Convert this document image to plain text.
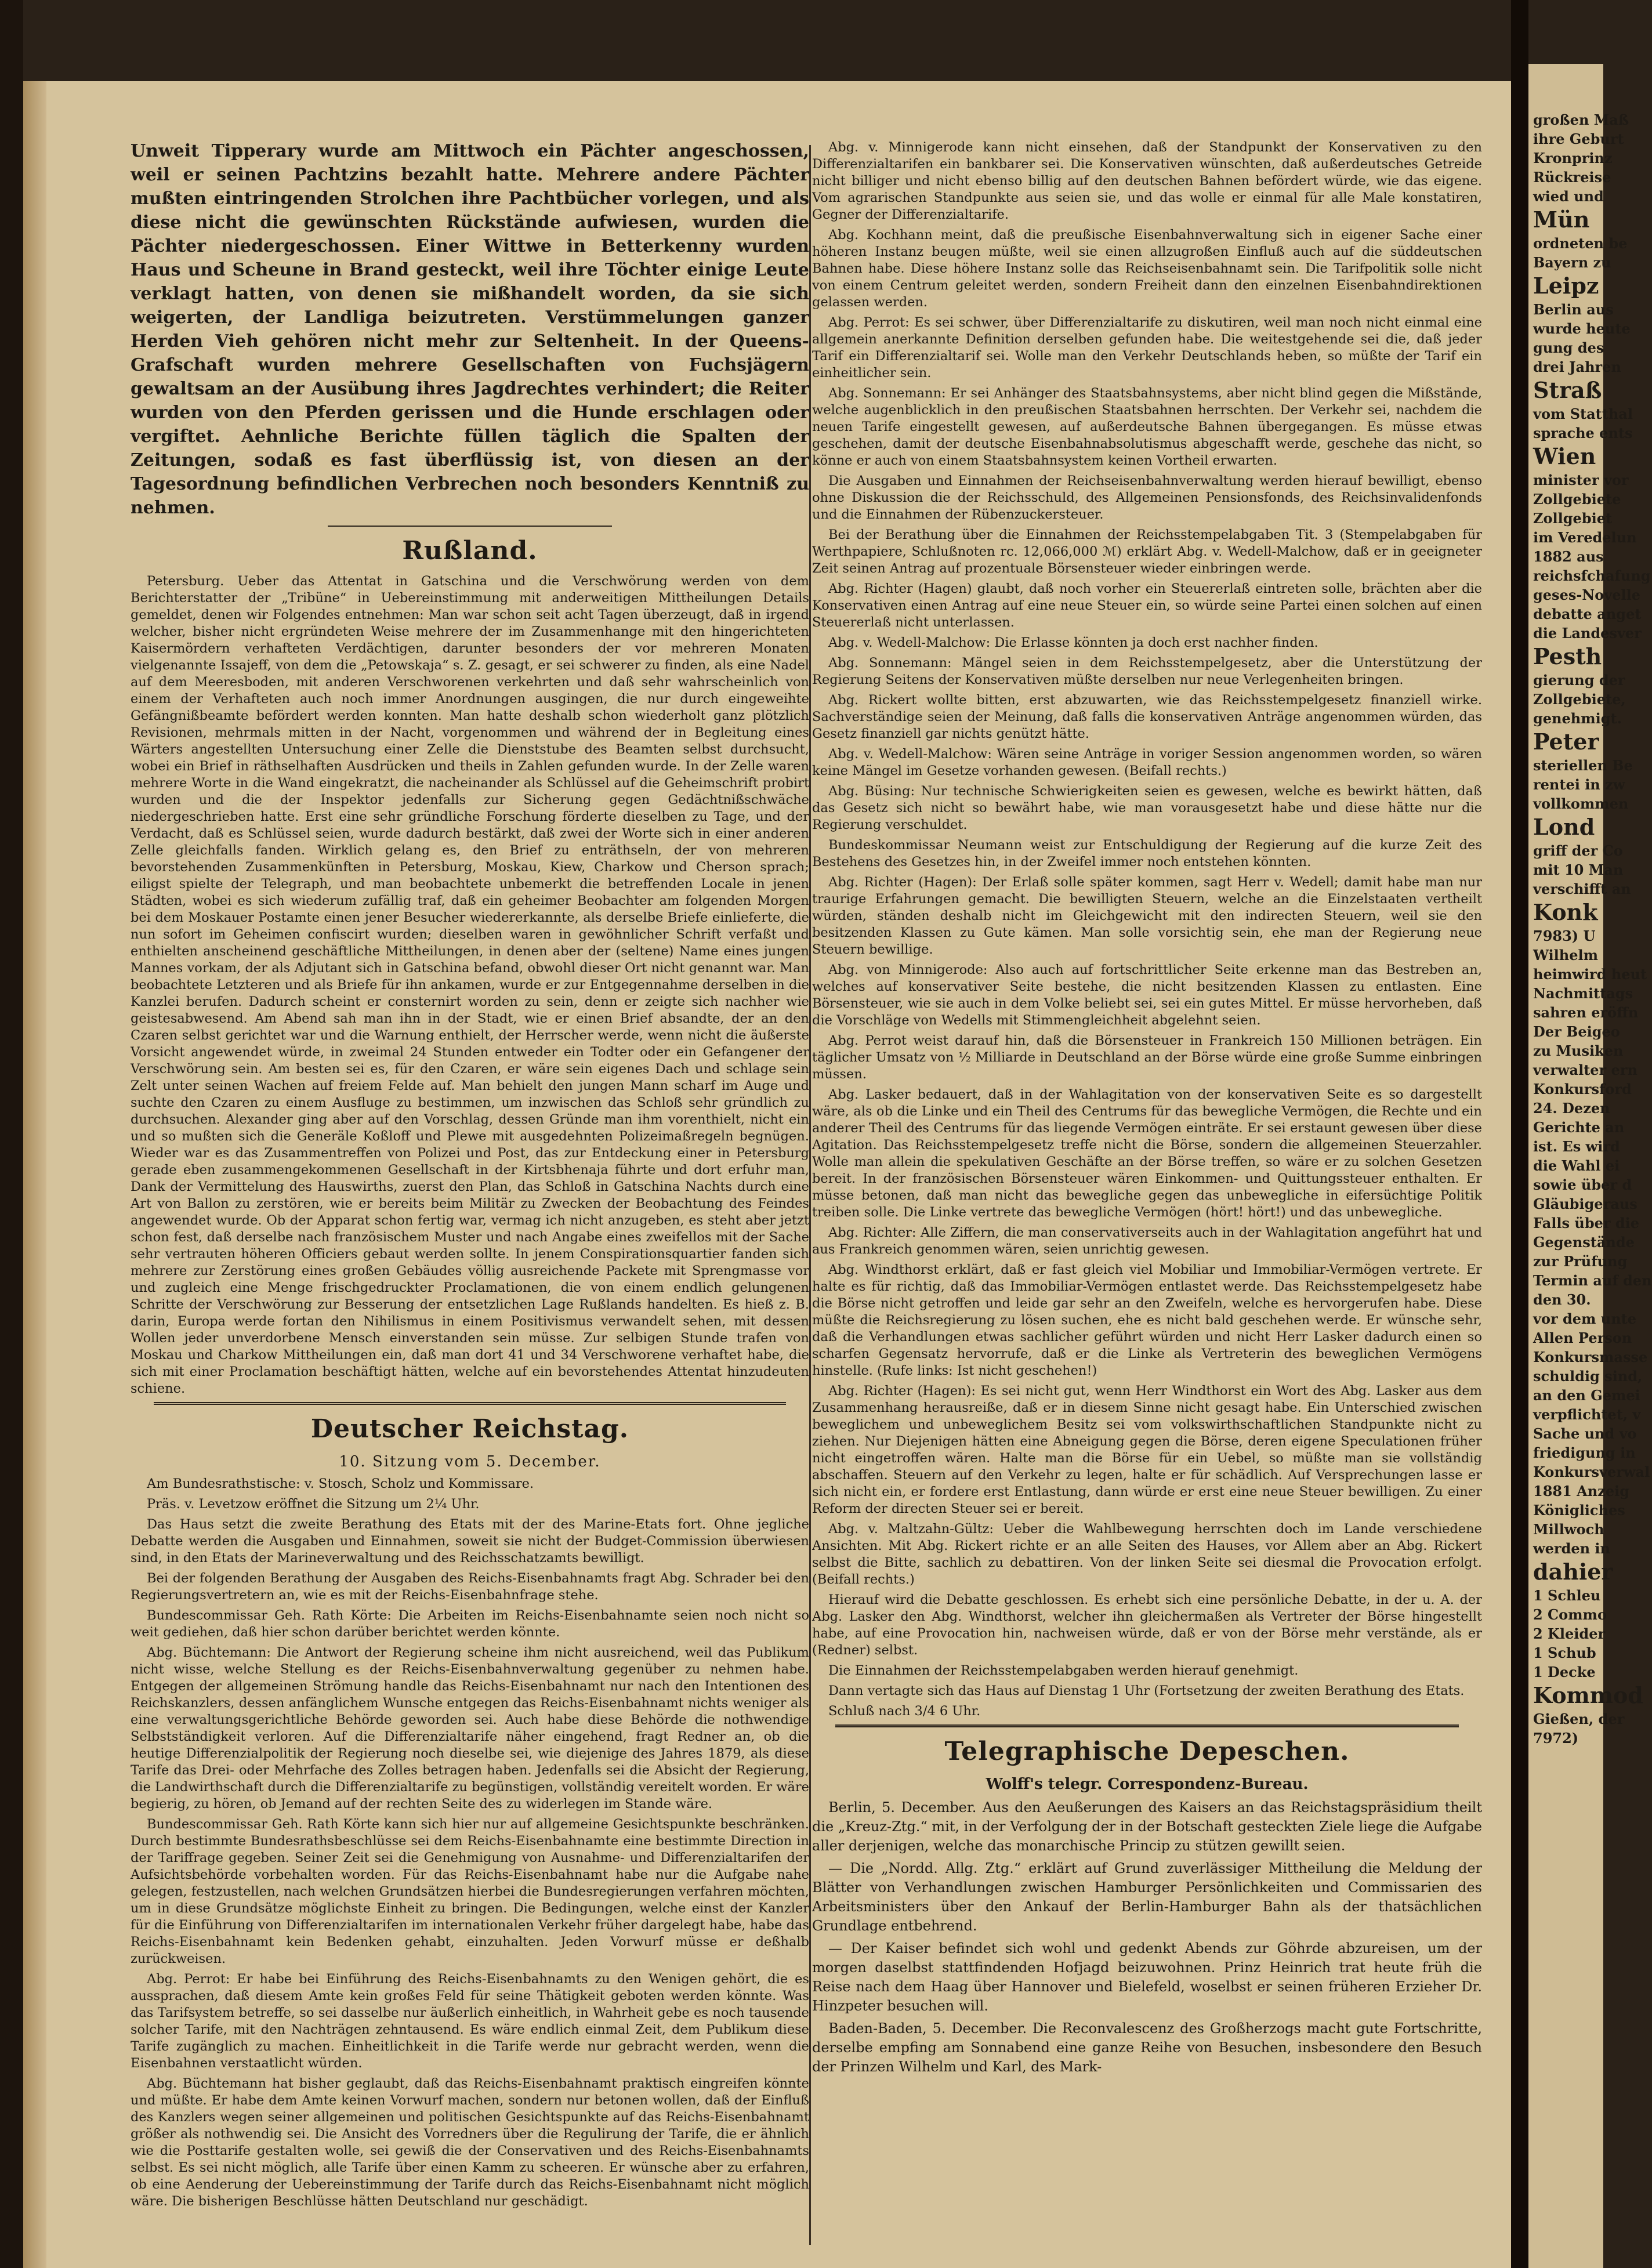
Unweit Tipperary wurde am Mittwoch ein Pächter angeschossen, weil er seinen Pachtzins bezahlt hatte. Mehrere andere Pächter mußten eintringenden Strolchen ihre Pachtbücher vorlegen, und als diese nicht die gewünschten Rückstände aufwiesen, wurden die Pächter niedergeschossen. Einer Wittwe in Betterkenny wurden Haus und Scheune in Brand gesteckt, weil ihre Töchter einige Leute verklagt hatten, von denen sie mißhandelt worden, da sie sich weigerten, der Landliga beizutreten. Verstümmelungen ganzer Herden Vieh gehören nicht mehr zur Seltenheit. In der Queens-Grafschaft wurden mehrere Gesellschaften von Fuchsjägern gewaltsam an der Ausübung ihres Jagdrechtes verhindert; die Reiter wurden von den Pferden gerissen und die Hunde erschlagen oder vergiftet. Aehnliche Berichte füllen täglich die Spalten der Zeitungen, sodaß es fast überflüssig ist, von diesen an der Tagesordnung befindlichen Verbrechen noch besonders Kenntniß zu nehmen.

Rußland.

Petersburg. Ueber das Attentat in Gatschina und die Verschwörung werden von dem Berichterstatter der „Tribüne“ in Uebereinstimmung mit anderweitigen Mittheilungen Details gemeldet, denen wir Folgendes entnehmen: Man war schon seit acht Tagen überzeugt, daß in irgend welcher, bisher nicht ergründeten Weise mehrere der im Zusammenhange mit den hingerichteten Kaisermördern verhafteten Verdächtigen, darunter besonders der vor mehreren Monaten vielgenannte Issajeff, von dem die „Petowskaja“ s. Z. gesagt, er sei schwerer zu finden, als eine Nadel auf dem Meeresboden, mit anderen Verschworenen verkehrten und daß sehr wahrscheinlich von einem der Verhafteten auch noch immer Anordnungen ausgingen, die nur durch eingeweihte Gefängnißbeamte befördert werden konnten. Man hatte deshalb schon wiederholt ganz plötzlich Revisionen, mehrmals mitten in der Nacht, vorgenommen und während der in Begleitung eines Wärters angestellten Untersuchung einer Zelle die Dienststube des Beamten selbst durchsucht, wobei ein Brief in räthselhaften Ausdrücken und theils in Zahlen gefunden wurde. In der Zelle waren mehrere Worte in die Wand eingekratzt, die nacheinander als Schlüssel auf die Geheimschrift probirt wurden und die der Inspektor jedenfalls zur Sicherung gegen Gedächtnißschwäche niedergeschrieben hatte. Erst eine sehr gründliche Forschung förderte dieselben zu Tage, und der Verdacht, daß es Schlüssel seien, wurde dadurch bestärkt, daß zwei der Worte sich in einer anderen Zelle gleichfalls fanden. Wirklich gelang es, den Brief zu enträthseln, der von mehreren bevorstehenden Zusammenkünften in Petersburg, Moskau, Kiew, Charkow und Cherson sprach; eiligst spielte der Telegraph, und man beobachtete unbemerkt die betreffenden Locale in jenen Städten, wobei es sich wiederum zufällig traf, daß ein geheimer Beobachter am folgenden Morgen bei dem Moskauer Postamte einen jener Besucher wiedererkannte, als derselbe Briefe einlieferte, die nun sofort im Geheimen confiscirt wurden; dieselben waren in gewöhnlicher Schrift verfaßt und enthielten anscheinend geschäftliche Mittheilungen, in denen aber der (seltene) Name eines jungen Mannes vorkam, der als Adjutant sich in Gatschina befand, obwohl dieser Ort nicht genannt war. Man beobachtete Letzteren und als Briefe für ihn ankamen, wurde er zur Entgegennahme derselben in die Kanzlei berufen. Dadurch scheint er consternirt worden zu sein, denn er zeigte sich nachher wie geistesabwesend. Am Abend sah man ihn in der Stadt, wie er einen Brief absandte, der an den Czaren selbst gerichtet war und die Warnung enthielt, der Herrscher werde, wenn nicht die äußerste Vorsicht angewendet würde, in zweimal 24 Stunden entweder ein Todter oder ein Gefangener der Verschwörung sein. Am besten sei es, für den Czaren, er wäre sein eigenes Dach und schlage sein Zelt unter seinen Wachen auf freiem Felde auf. Man behielt den jungen Mann scharf im Auge und suchte den Czaren zu einem Ausfluge zu bestimmen, um inzwischen das Schloß sehr gründlich zu durchsuchen. Alexander ging aber auf den Vorschlag, dessen Gründe man ihm vorenthielt, nicht ein und so mußten sich die Generäle Koßloff und Plewe mit ausgedehnten Polizeimaßregeln begnügen. Wieder war es das Zusammentreffen von Polizei und Post, das zur Entdeckung einer in Petersburg gerade eben zusammengekommenen Gesellschaft in der Kirtsbhenaja führte und dort erfuhr man, Dank der Vermittelung des Hauswirths, zuerst den Plan, das Schloß in Gatschina Nachts durch eine Art von Ballon zu zerstören, wie er bereits beim Militär zu Zwecken der Beobachtung des Feindes angewendet wurde. Ob der Apparat schon fertig war, vermag ich nicht anzugeben, es steht aber jetzt schon fest, daß derselbe nach französischem Muster und nach Angabe eines zweifellos mit der Sache sehr vertrauten höheren Officiers gebaut werden sollte. In jenem Conspirationsquartier fanden sich mehrere zur Zerstörung eines großen Gebäudes völlig ausreichende Packete mit Sprengmasse vor und zugleich eine Menge frischgedruckter Proclamationen, die von einem endlich gelungenen Schritte der Verschwörung zur Besserung der entsetzlichen Lage Rußlands handelten. Es hieß z. B. darin, Europa werde fortan den Nihilismus in einem Positivismus verwandelt sehen, mit dessen Wollen jeder unverdorbene Mensch einverstanden sein müsse. Zur selbigen Stunde trafen von Moskau und Charkow Mittheilungen ein, daß man dort 41 und 34 Verschworene verhaftet habe, die sich mit einer Proclamation beschäftigt hätten, welche auf ein bevorstehendes Attentat hinzudeuten schiene.

Deutscher Reichstag.
10. Sitzung vom 5. December.

Am Bundesrathstische: v. Stosch, Scholz und Kommissare.

Präs. v. Levetzow eröffnet die Sitzung um 2¼ Uhr.

Das Haus setzt die zweite Berathung des Etats mit der des Marine-Etats fort. Ohne jegliche Debatte werden die Ausgaben und Einnahmen, soweit sie nicht der Budget-Commission überwiesen sind, in den Etats der Marineverwaltung und des Reichsschatzamts bewilligt.

Bei der folgenden Berathung der Ausgaben des Reichs-Eisenbahnamts fragt Abg. Schrader bei den Regierungsvertretern an, wie es mit der Reichs-Eisenbahnfrage stehe.

Bundescommissar Geh. Rath Körte: Die Arbeiten im Reichs-Eisenbahnamte seien noch nicht so weit gediehen, daß hier schon darüber berichtet werden könnte.

Abg. Büchtemann: Die Antwort der Regierung scheine ihm nicht ausreichend, weil das Publikum nicht wisse, welche Stellung es der Reichs-Eisenbahnverwaltung gegenüber zu nehmen habe. Entgegen der allgemeinen Strömung handle das Reichs-Eisenbahnamt nur nach den Intentionen des Reichskanzlers, dessen anfänglichem Wunsche entgegen das Reichs-Eisenbahnamt nichts weniger als eine verwaltungsgerichtliche Behörde geworden sei. Auch habe diese Behörde die nothwendige Selbstständigkeit verloren. Auf die Differenzialtarife näher eingehend, fragt Redner an, ob die heutige Differenzialpolitik der Regierung noch dieselbe sei, wie diejenige des Jahres 1879, als diese Tarife das Drei- oder Mehrfache des Zolles betragen haben. Jedenfalls sei die Absicht der Regierung, die Landwirthschaft durch die Differenzialtarife zu begünstigen, vollständig vereitelt worden. Er wäre begierig, zu hören, ob Jemand auf der rechten Seite des zu widerlegen im Stande wäre.

Bundescommissar Geh. Rath Körte kann sich hier nur auf allgemeine Gesichtspunkte beschränken. Durch bestimmte Bundesrathsbeschlüsse sei dem Reichs-Eisenbahnamte eine bestimmte Direction in der Tariffrage gegeben. Seiner Zeit sei die Genehmigung von Ausnahme- und Differenzialtarifen der Aufsichtsbehörde vorbehalten worden. Für das Reichs-Eisenbahnamt habe nur die Aufgabe nahe gelegen, festzustellen, nach welchen Grundsätzen hierbei die Bundesregierungen verfahren möchten, um in diese Grundsätze möglichste Einheit zu bringen. Die Bedingungen, welche einst der Kanzler für die Einführung von Differenzialtarifen im internationalen Verkehr früher dargelegt habe, habe das Reichs-Eisenbahnamt kein Bedenken gehabt, einzuhalten. Jeden Vorwurf müsse er deßhalb zurückweisen.

Abg. Perrot: Er habe bei Einführung des Reichs-Eisenbahnamts zu den Wenigen gehört, die es aussprachen, daß diesem Amte kein großes Feld für seine Thätigkeit geboten werden könnte. Was das Tarifsystem betreffe, so sei dasselbe nur äußerlich einheitlich, in Wahrheit gebe es noch tausende solcher Tarife, mit den Nachträgen zehntausend. Es wäre endlich einmal Zeit, dem Publikum diese Tarife zugänglich zu machen. Einheitlichkeit in die Tarife werde nur gebracht werden, wenn die Eisenbahnen verstaatlicht würden.

Abg. Büchtemann hat bisher geglaubt, daß das Reichs-Eisenbahnamt praktisch eingreifen könnte und müßte. Er habe dem Amte keinen Vorwurf machen, sondern nur betonen wollen, daß der Einfluß des Kanzlers wegen seiner allgemeinen und politischen Gesichtspunkte auf das Reichs-Eisenbahnamt größer als nothwendig sei. Die Ansicht des Vorredners über die Regulirung der Tarife, die er ähnlich wie die Posttarife gestalten wolle, sei gewiß die der Conservativen und des Reichs-Eisenbahnamts selbst. Es sei nicht möglich, alle Tarife über einen Kamm zu scheeren. Er wünsche aber zu erfahren, ob eine Aenderung der Uebereinstimmung der Tarife durch das Reichs-Eisenbahnamt nicht möglich wäre. Die bisherigen Beschlüsse hätten Deutschland nur geschädigt.

Abg. v. Minnigerode kann nicht einsehen, daß der Standpunkt der Konservativen zu den Differenzialtarifen ein bankbarer sei. Die Konservativen wünschten, daß außerdeutsches Getreide nicht billiger und nicht ebenso billig auf den deutschen Bahnen befördert würde, wie das eigene. Vom agrarischen Standpunkte aus seien sie, und das wolle er einmal für alle Male konstatiren, Gegner der Differenzialtarife.

Abg. Kochhann meint, daß die preußische Eisenbahnverwaltung sich in eigener Sache einer höheren Instanz beugen müßte, weil sie einen allzugroßen Einfluß auch auf die süddeutschen Bahnen habe. Diese höhere Instanz solle das Reichseisenbahnamt sein. Die Tarifpolitik solle nicht von einem Centrum geleitet werden, sondern Freiheit dann den einzelnen Eisenbahndirektionen gelassen werden.

Abg. Perrot: Es sei schwer, über Differenzialtarife zu diskutiren, weil man noch nicht einmal eine allgemein anerkannte Definition derselben gefunden habe. Die weitestgehende sei die, daß jeder Tarif ein Differenzialtarif sei. Wolle man den Verkehr Deutschlands heben, so müßte der Tarif ein einheitlicher sein.

Abg. Sonnemann: Er sei Anhänger des Staatsbahnsystems, aber nicht blind gegen die Mißstände, welche augenblicklich in den preußischen Staatsbahnen herrschten. Der Verkehr sei, nachdem die neuen Tarife eingestellt gewesen, auf außerdeutsche Bahnen übergegangen. Es müsse etwas geschehen, damit der deutsche Eisenbahnabsolutismus abgeschafft werde, geschehe das nicht, so könne er auch von einem Staatsbahnsystem keinen Vortheil erwarten.

Die Ausgaben und Einnahmen der Reichseisenbahnverwaltung werden hierauf bewilligt, ebenso ohne Diskussion die der Reichsschuld, des Allgemeinen Pensionsfonds, des Reichsinvalidenfonds und die Einnahmen der Rübenzuckersteuer.

Bei der Berathung über die Einnahmen der Reichsstempelabgaben Tit. 3 (Stempelabgaben für Werthpapiere, Schlußnoten rc. 12,066,000 ℳ) erklärt Abg. v. Wedell-Malchow, daß er in geeigneter Zeit seinen Antrag auf prozentuale Börsensteuer wieder einbringen werde.

Abg. Richter (Hagen) glaubt, daß noch vorher ein Steuererlaß eintreten solle, brächten aber die Konservativen einen Antrag auf eine neue Steuer ein, so würde seine Partei einen solchen auf einen Steuererlaß nicht unterlassen.

Abg. v. Wedell-Malchow: Die Erlasse könnten ja doch erst nachher finden.

Abg. Sonnemann: Mängel seien in dem Reichsstempelgesetz, aber die Unterstützung der Regierung Seitens der Konservativen müßte derselben nur neue Verlegenheiten bringen.

Abg. Rickert wollte bitten, erst abzuwarten, wie das Reichsstempelgesetz finanziell wirke. Sachverständige seien der Meinung, daß falls die konservativen Anträge angenommen würden, das Gesetz finanziell gar nichts genützt hätte.

Abg. v. Wedell-Malchow: Wären seine Anträge in voriger Session angenommen worden, so wären keine Mängel im Gesetze vorhanden gewesen. (Beifall rechts.)

Abg. Büsing: Nur technische Schwierigkeiten seien es gewesen, welche es bewirkt hätten, daß das Gesetz sich nicht so bewährt habe, wie man vorausgesetzt habe und diese hätte nur die Regierung verschuldet.

Bundeskommissar Neumann weist zur Entschuldigung der Regierung auf die kurze Zeit des Bestehens des Gesetzes hin, in der Zweifel immer noch entstehen könnten.

Abg. Richter (Hagen): Der Erlaß solle später kommen, sagt Herr v. Wedell; damit habe man nur traurige Erfahrungen gemacht. Die bewilligten Steuern, welche an die Einzelstaaten vertheilt würden, ständen deshalb nicht im Gleichgewicht mit den indirecten Steuern, weil sie den besitzenden Klassen zu Gute kämen. Man solle vorsichtig sein, ehe man der Regierung neue Steuern bewillige.

Abg. von Minnigerode: Also auch auf fortschrittlicher Seite erkenne man das Bestreben an, welches auf konservativer Seite bestehe, die nicht besitzenden Klassen zu entlasten. Eine Börsensteuer, wie sie auch in dem Volke beliebt sei, sei ein gutes Mittel. Er müsse hervorheben, daß die Vorschläge von Wedells mit Stimmengleichheit abgelehnt seien.

Abg. Perrot weist darauf hin, daß die Börsensteuer in Frankreich 150 Millionen beträgen. Ein täglicher Umsatz von ½ Milliarde in Deutschland an der Börse würde eine große Summe einbringen müssen.

Abg. Lasker bedauert, daß in der Wahlagitation von der konservativen Seite es so dargestellt wäre, als ob die Linke und ein Theil des Centrums für das bewegliche Vermögen, die Rechte und ein anderer Theil des Centrums für das liegende Vermögen einträte. Er sei erstaunt gewesen über diese Agitation. Das Reichsstempelgesetz treffe nicht die Börse, sondern die allgemeinen Steuerzahler. Wolle man allein die spekulativen Geschäfte an der Börse treffen, so wäre er zu solchen Gesetzen bereit. In der französischen Börsensteuer wären Einkommen- und Quittungssteuer enthalten. Er müsse betonen, daß man nicht das bewegliche gegen das unbewegliche in eifersüchtige Politik treiben solle. Die Linke vertrete das bewegliche Vermögen (hört! hört!) und das unbewegliche.

Abg. Richter: Alle Ziffern, die man conservativerseits auch in der Wahlagitation angeführt hat und aus Frankreich genommen wären, seien unrichtig gewesen.

Abg. Windthorst erklärt, daß er fast gleich viel Mobiliar und Immobiliar-Vermögen vertrete. Er halte es für richtig, daß das Immobiliar-Vermögen entlastet werde. Das Reichsstempelgesetz habe die Börse nicht getroffen und leide gar sehr an den Zweifeln, welche es hervorgerufen habe. Diese müßte die Reichsregierung zu lösen suchen, ehe es nicht bald geschehen werde. Er wünsche sehr, daß die Verhandlungen etwas sachlicher geführt würden und nicht Herr Lasker dadurch einen so scharfen Gegensatz hervorrufe, daß er die Linke als Vertreterin des beweglichen Vermögens hinstelle. (Rufe links: Ist nicht geschehen!)

Abg. Richter (Hagen): Es sei nicht gut, wenn Herr Windthorst ein Wort des Abg. Lasker aus dem Zusammenhang herausreiße, daß er in diesem Sinne nicht gesagt habe. Ein Unterschied zwischen beweglichem und unbeweglichem Besitz sei vom volkswirthschaftlichen Standpunkte nicht zu ziehen. Nur Diejenigen hätten eine Abneigung gegen die Börse, deren eigene Speculationen früher nicht eingetroffen wären. Halte man die Börse für ein Uebel, so müßte man sie vollständig abschaffen. Steuern auf den Verkehr zu legen, halte er für schädlich. Auf Versprechungen lasse er sich nicht ein, er fordere erst Entlastung, dann würde er erst eine neue Steuer bewilligen. Zu einer Reform der directen Steuer sei er bereit.

Abg. v. Maltzahn-Gültz: Ueber die Wahlbewegung herrschten doch im Lande verschiedene Ansichten. Mit Abg. Rickert richte er an alle Seiten des Hauses, vor Allem aber an Abg. Rickert selbst die Bitte, sachlich zu debattiren. Von der linken Seite sei diesmal die Provocation erfolgt. (Beifall rechts.)

Hierauf wird die Debatte geschlossen. Es erhebt sich eine persönliche Debatte, in der u. A. der Abg. Lasker den Abg. Windthorst, welcher ihn gleichermaßen als Vertreter der Börse hingestellt habe, auf eine Provocation hin, nachweisen würde, daß er von der Börse mehr verstände, als er (Redner) selbst.

Die Einnahmen der Reichsstempelabgaben werden hierauf genehmigt.

Dann vertagte sich das Haus auf Dienstag 1 Uhr (Fortsetzung der zweiten Berathung des Etats.

Schluß nach 3/4 6 Uhr.

Telegraphische Depeschen.
Wolff's telegr. Correspondenz-Bureau.

Berlin, 5. December. Aus den Aeußerungen des Kaisers an das Reichstagspräsidium theilt die „Kreuz-Ztg.“ mit, in der Verfolgung der in der Botschaft gesteckten Ziele liege die Aufgabe aller derjenigen, welche das monarchische Princip zu stützen gewillt seien.

— Die „Nordd. Allg. Ztg.“ erklärt auf Grund zuverlässiger Mittheilung die Meldung der Blätter von Verhandlungen zwischen Hamburger Persönlichkeiten und Commissarien des Arbeitsministers über den Ankauf der Berlin-Hamburger Bahn als der thatsächlichen Grundlage entbehrend.

— Der Kaiser befindet sich wohl und gedenkt Abends zur Göhrde abzureisen, um der morgen daselbst stattfindenden Hofjagd beizuwohnen. Prinz Heinrich trat heute früh die Reise nach dem Haag über Hannover und Bielefeld, woselbst er seinen früheren Erzieher Dr. Hinzpeter besuchen will.

Baden-Baden, 5. December. Die Reconvalescenz des Großherzogs macht gute Fortschritte, derselbe empfing am Sonnabend eine ganze Reihe von Besuchen, insbesondere den Besuch der Prinzen Wilhelm und Karl, des Mark-

großen Maß
ihre Geburt
Kronprinz
Rückreise
wied und
Mün
ordneten be
Bayern zu
Leipz
Berlin aus
wurde heute
gung des
drei Jahren
Straß
vom Statthal
sprache ents
Wien
minister vor
Zollgebiete
Zollgebiet
im Veredelun
1882 aus
reichsfchafung
geses-Novelle
debatte anget
die Landesver
Pesth
gierung der
Zollgebiete,
genehmigt.
Peter
steriellen Be
rentei in zw
vollkommen
Lond
griff der Co
mit 10 Man
verschifft an
Konk
7983) U
Wilhelm
heimwird heut
Nachmittags
sahren eröffn
Der Beigeo
zu Musiken
verwalter ern
Konkursford
24. Dezen
Gerichte an
ist. Es wird
die Wahl ei
sowie über d
Gläubigeraus
Falls über die
Gegenstände
zur Prüfung
Termin auf den
den 30.
vor dem unte
Allen Person
Konkursmasse
schuldig sind,
an den Gemei
verpflichtet, v
Sache und vo
friedigung in
Konkursverwal
1881 Anzeig
Königliches
Millwoch
werden in
dahier
1 Schleu
2 Commo
2 Kleider
1 Schub
1 Decke
Kommod
Gießen, der
7972)
